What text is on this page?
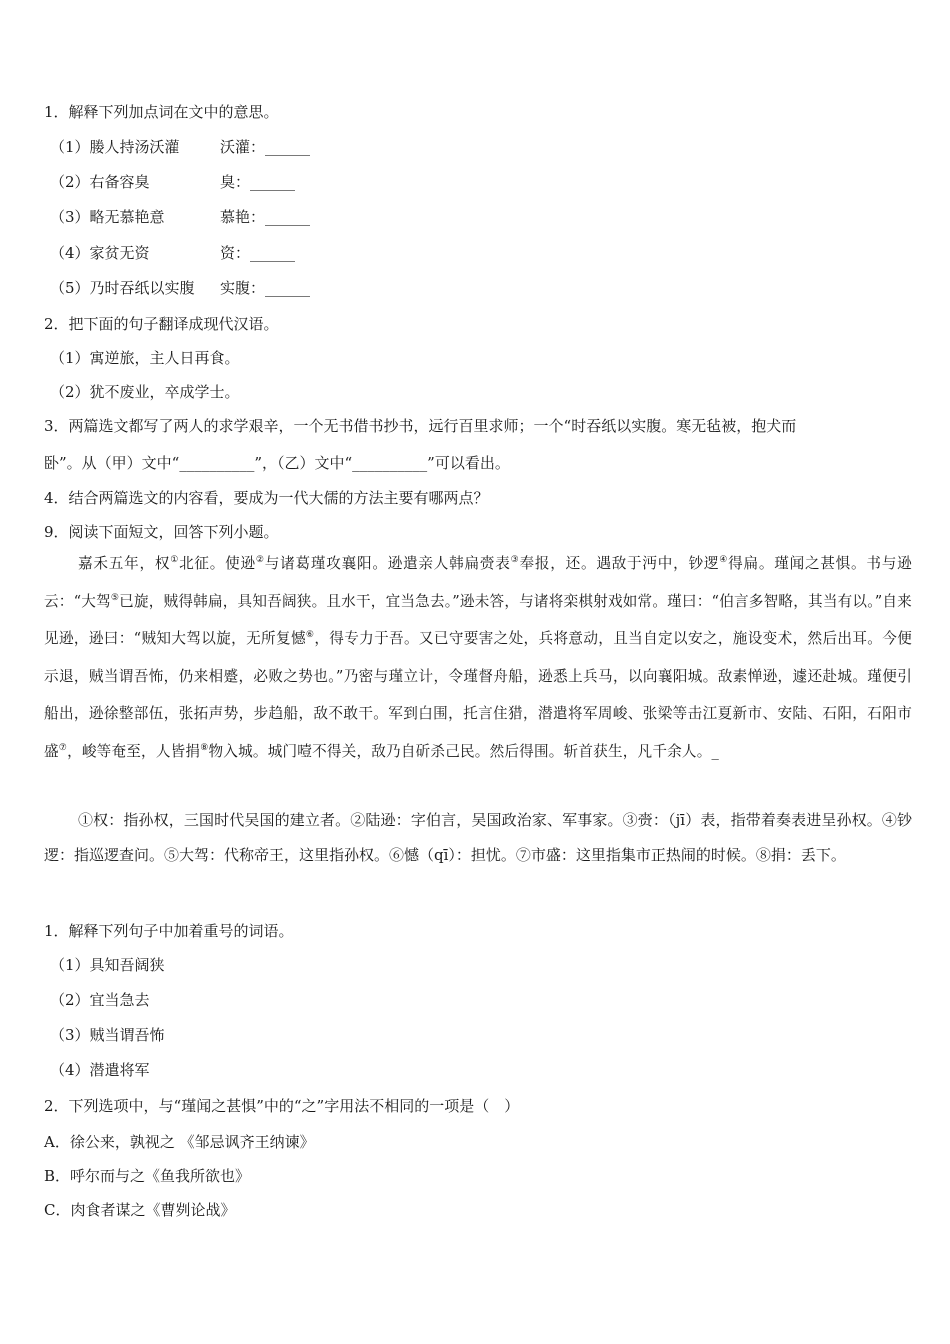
1．解释下列加点词在文中的意思。
（1）媵人持汤沃灌	沃灌：______
（2）右备容臭	臭：______
（3）略无慕艳意	慕艳：______
（4）家贫无资	资：______
（5）乃时吞纸以实腹 实腹：______
2．把下面的句子翻译成现代汉语。
（1）寓逆旅，主人日再食。
（2）犹不废业，卒成学士。
3．两篇选文都写了两人的求学艰辛，一个无书借书抄书，远行百里求师；一个“时吞纸以实腹。寒无毡被，抱犬而
卧”。从（甲）文中“__________”，（乙）文中“__________”可以看出。
4．结合两篇选文的内容看，要成为一代大儒的方法主要有哪两点？
9．阅读下面短文，回答下列小题。
嘉禾五年，权①北征。使逊②与诸葛瑾攻襄阳。逊遣亲人韩扁赍表③奉报，还。遇敌于沔中，钞逻④得扁。瑾闻之甚惧。书与逊云：“大驾⑤已旋，贼得韩扁，具知吾阔狭。且水干，宜当急去。”逊未答，与诸将栾棋射戏如常。瑾曰：“伯言多智略，其当有以。”自来见逊，逊曰：“贼知大驾以旋，无所复憾⑥，得专力于吾。又已守要害之处，兵将意动，且当自定以安之，施设变术，然后出耳。今便示退，贼当谓吾怖，仍来相蹙，必败之势也。”乃密与瑾立计，令瑾督舟船，逊悉上兵马，以向襄阳城。敌素惮逊，遽还赴城。瑾便引船出，逊徐整部伍，张拓声势，步趋船，敌不敢干。军到白围，托言住猎，潜遣将军周峻、张梁等击江夏新市、安陆、石阳，石阳市盛⑦，峻等奄至，人皆捐⑧物入城。城门噎不得关，敌乃自斫杀己民。然后得围。斩首获生，凡千余人。_
①权：指孙权，三国时代吴国的建立者。②陆逊：字伯言，吴国政治家、军事家。③赍：（jī）表，指带着奏表进呈孙权。④钞逻：指巡逻查问。⑤大驾：代称帝王，这里指孙权。⑥憾（qī）：担忧。⑦市盛：这里指集市正热闹的时候。⑧捐：丢下。
1．解释下列句子中加着重号的词语。
（1）具知吾阔狭
（2）宜当急去
（3）贼当谓吾怖
（4）潜遣将军
2．下列选项中，与“瑾闻之甚惧”中的“之”字用法不相同的一项是（　）
A．徐公来，孰视之 《邹忌讽齐王纳谏》
B．呼尔而与之《鱼我所欲也》
C．肉食者谋之《曹刿论战》
